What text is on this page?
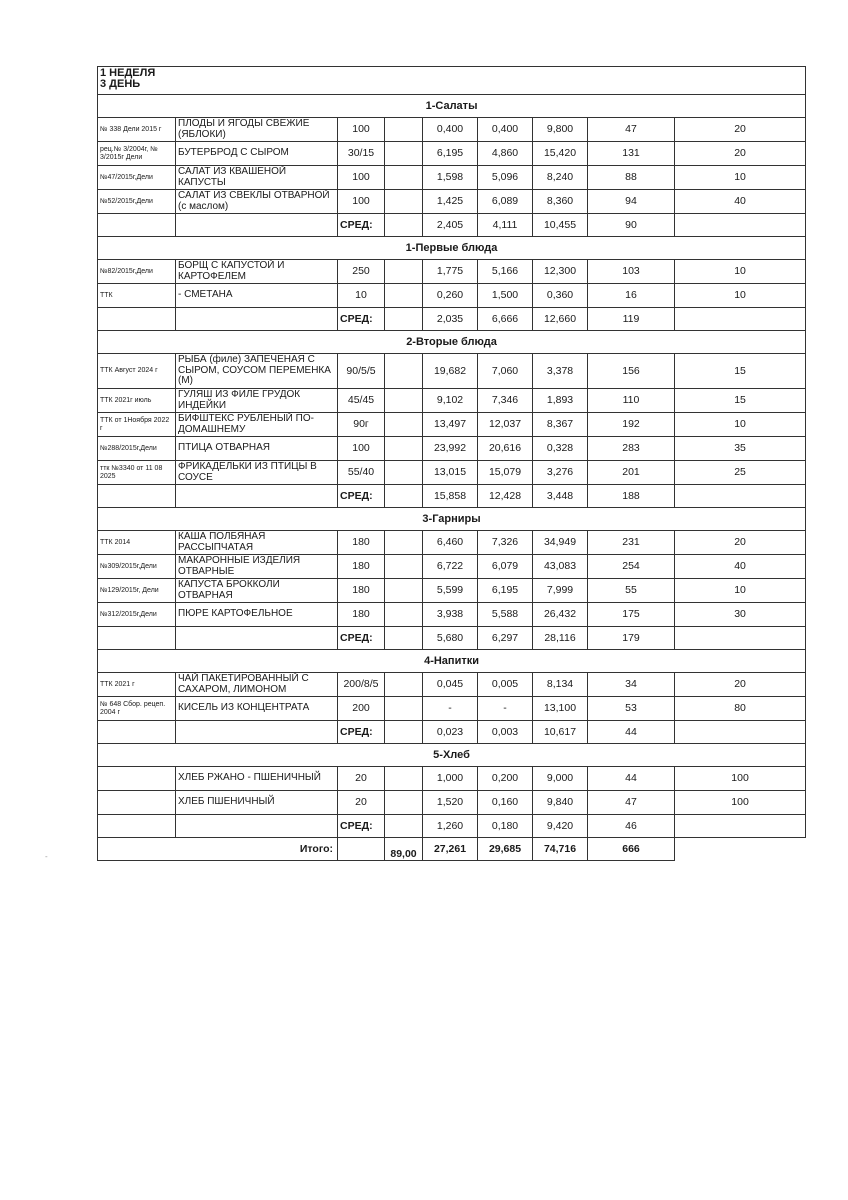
1 НЕДЕЛЯ
3 ДЕНЬ								

1-Салаты								
№ 338 Дели 2015 г	ПЛОДЫ И ЯГОДЫ СВЕЖИЕ (ЯБЛОКИ)	100		0,400	0,400	9,800	47	20
рец.№ 3/2004г, № 3/2015г Дели	БУТЕРБРОД С СЫРОМ	30/15		6,195	4,860	15,420	131	20
№47/2015г,Дели	САЛАТ ИЗ КВАШЕНОЙ КАПУСТЫ	100		1,598	5,096	8,240	88	10
№52/2015г,Дели	САЛАТ ИЗ СВЕКЛЫ ОТВАРНОЙ (с маслом)	100		1,425	6,089	8,360	94	40
		СРЕД:		2,405	4,111	10,455	90	
1-Первые блюда								
№82/2015г,Дели	БОРЩ С КАПУСТОЙ И КАРТОФЕЛЕМ	250		1,775	5,166	12,300	103	10
ТТК	- СМЕТАНА	10		0,260	1,500	0,360	16	10
		СРЕД:		2,035	6,666	12,660	119	
2-Вторые блюда								
ТТК Август 2024 г	РЫБА (филе) ЗАПЕЧЕНАЯ С СЫРОМ, СОУСОМ ПЕРЕМЕНКА (М)	90/5/5		19,682	7,060	3,378	156	15
ТТК 2021г июль	ГУЛЯШ ИЗ ФИЛЕ ГРУДОК ИНДЕЙКИ	45/45		9,102	7,346	1,893	110	15
ТТК от 1Ноября 2022 г	БИФШТЕКС РУБЛЕНЫЙ ПО-ДОМАШНЕМУ	90г		13,497	12,037	8,367	192	10
№288/2015г,Дели	ПТИЦА ОТВАРНАЯ	100		23,992	20,616	0,328	283	35
ттк №3340 от 11 08 2025	ФРИКАДЕЛЬКИ ИЗ ПТИЦЫ В СОУСЕ	55/40		13,015	15,079	3,276	201	25
		СРЕД:		15,858	12,428	3,448	188	
3-Гарниры								
ТТК 2014	КАША ПОЛБЯНАЯ РАССЫПЧАТАЯ	180		6,460	7,326	34,949	231	20
№309/2015г,Дели	МАКАРОННЫЕ ИЗДЕЛИЯ ОТВАРНЫЕ	180		6,722	6,079	43,083	254	40
№129/2015г, Дели	КАПУСТА БРОККОЛИ ОТВАРНАЯ	180		5,599	6,195	7,999	55	10
№312/2015г,Дели	ПЮРЕ КАРТОФЕЛЬНОЕ	180		3,938	5,588	26,432	175	30
		СРЕД:		5,680	6,297	28,116	179	
4-Напитки								
ТТК 2021 г	ЧАЙ ПАКЕТИРОВАННЫЙ С САХАРОМ, ЛИМОНОМ	200/8/5		0,045	0,005	8,134	34	20
№ 648 Сбор. рецеп. 2004 г	КИСЕЛЬ ИЗ КОНЦЕНТРАТА	200		-	-	13,100	53	80
		СРЕД:		0,023	0,003	10,617	44	
5-Хлеб								
	ХЛЕБ РЖАНО - ПШЕНИЧНЫЙ	20		1,000	0,200	9,000	44	100
	ХЛЕБ ПШЕНИЧНЫЙ	20		1,520	0,160	9,840	47	100
		СРЕД:		1,260	0,180	9,420	46	
Итого:			89,00	27,261	29,685	74,716	666	
-
